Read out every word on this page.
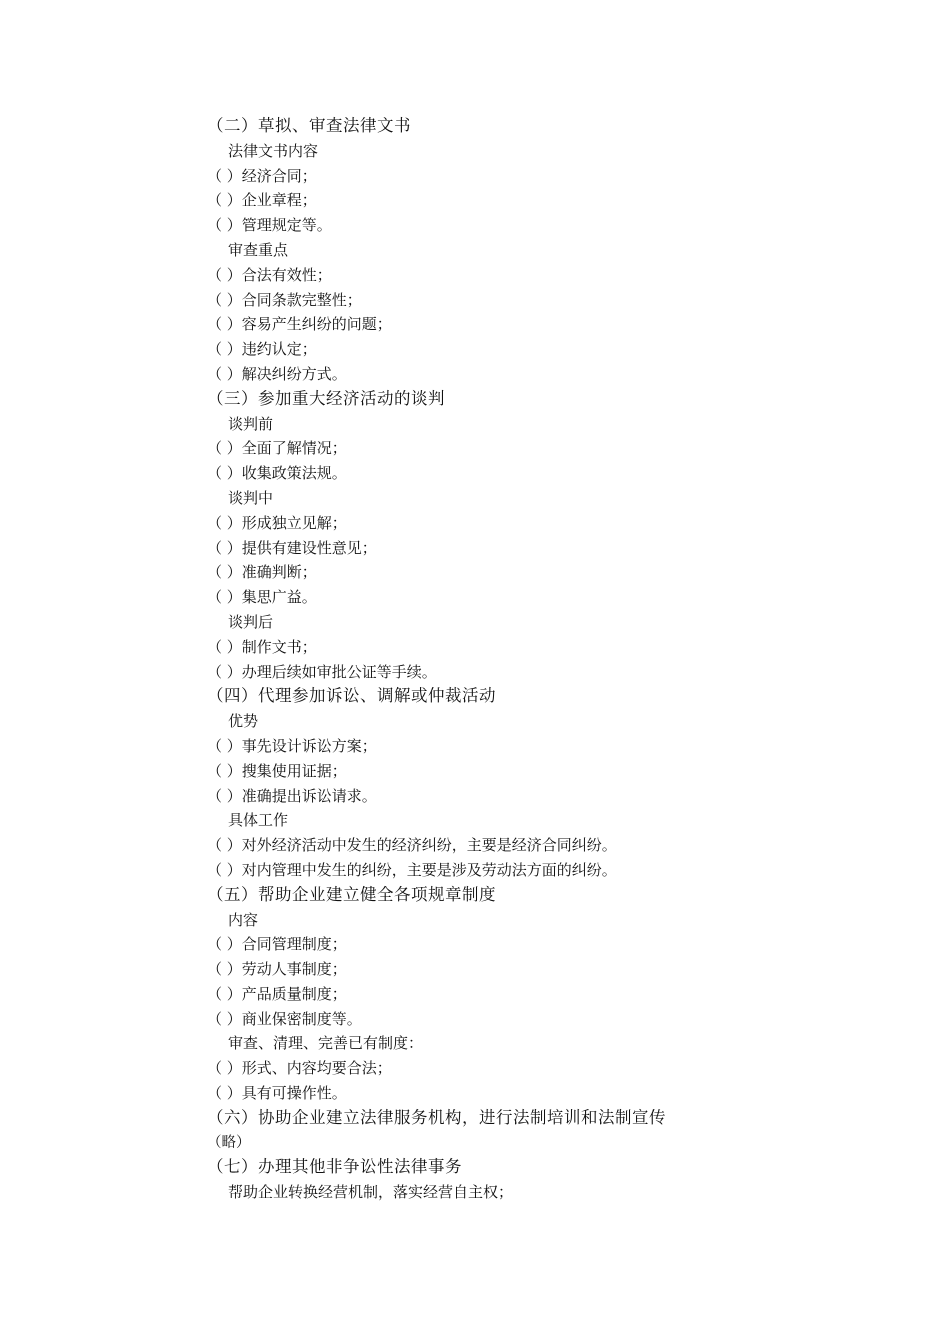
（二）草拟、审查法律文书
法律文书内容
（ ）经济合同；
（ ）企业章程；
（ ）管理规定等。
审查重点
（ ）合法有效性；
（ ）合同条款完整性；
（ ）容易产生纠纷的问题；
（ ）违约认定；
（ ）解决纠纷方式。
（三）参加重大经济活动的谈判
谈判前
（ ）全面了解情况；
（ ）收集政策法规。
谈判中
（ ）形成独立见解；
（ ）提供有建设性意见；
（ ）准确判断；
（ ）集思广益。
谈判后
（ ）制作文书；
（ ）办理后续如审批公证等手续。
（四）代理参加诉讼、调解或仲裁活动
优势
（ ）事先设计诉讼方案；
（ ）搜集使用证据；
（ ）准确提出诉讼请求。
具体工作
（ ）对外经济活动中发生的经济纠纷，主要是经济合同纠纷。
（ ）对内管理中发生的纠纷，主要是涉及劳动法方面的纠纷。
（五）帮助企业建立健全各项规章制度
内容
（ ）合同管理制度；
（ ）劳动人事制度；
（ ）产品质量制度；
（ ）商业保密制度等。
审查、清理、完善已有制度：
（ ）形式、内容均要合法；
（ ）具有可操作性。
（六）协助企业建立法律服务机构，进行法制培训和法制宣传
（略）
（七）办理其他非争讼性法律事务
帮助企业转换经营机制，落实经营自主权；
